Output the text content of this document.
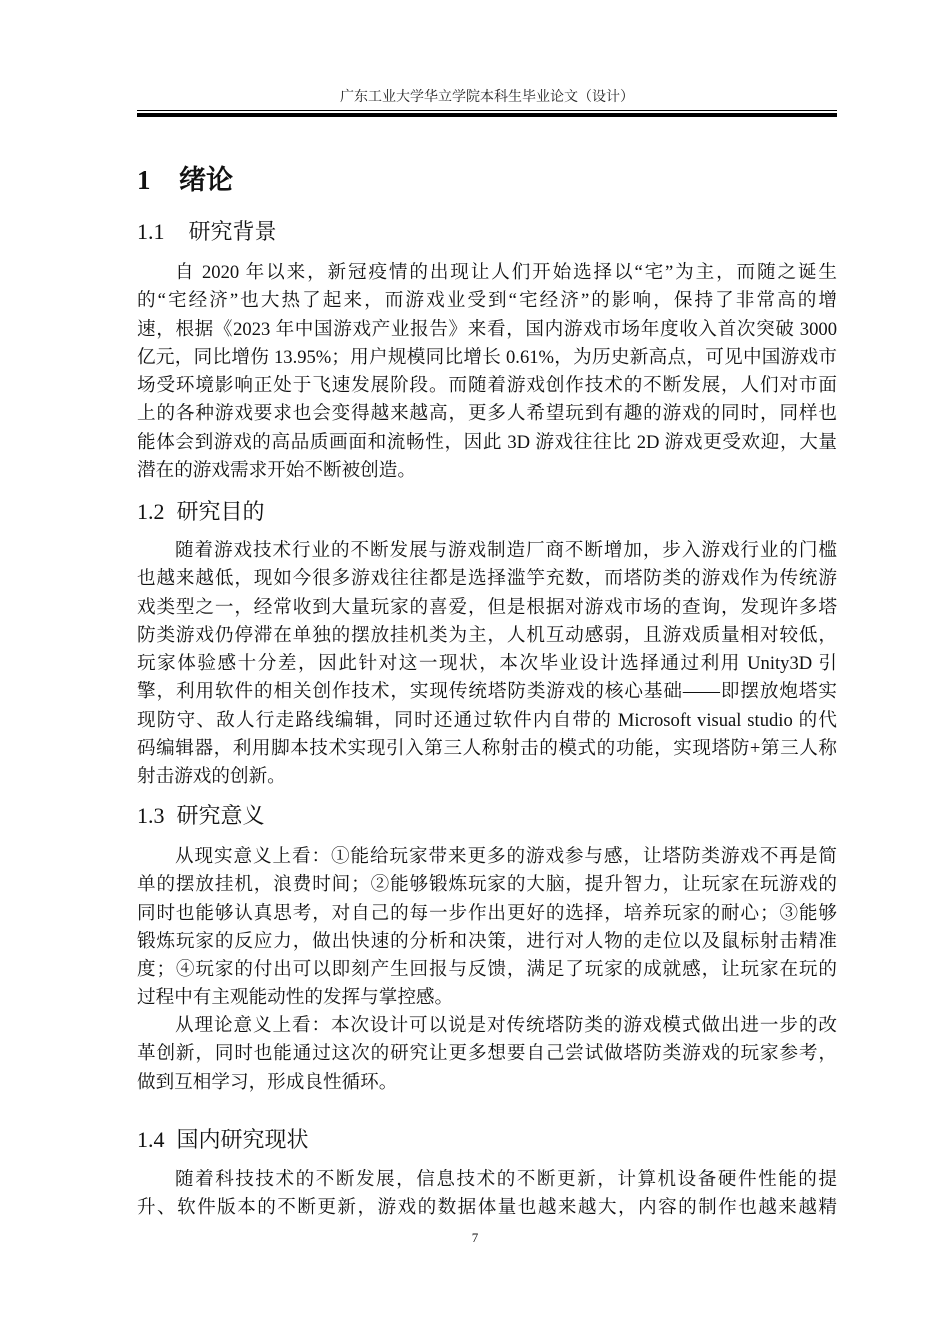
广东工业大学华立学院本科生毕业论文（设计）
1 绪论
1.1 研究背景
自 2020 年以来，新冠疫情的出现让人们开始选择以“宅”为主，而随之诞生
的“宅经济”也大热了起来，而游戏业受到“宅经济”的影响，保持了非常高的增
速，根据《2023 年中国游戏产业报告》来看，国内游戏市场年度收入首次突破 3000
亿元，同比增伤 13.95%；用户规模同比增长 0.61%，为历史新高点，可见中国游戏市
场受环境影响正处于飞速发展阶段。而随着游戏创作技术的不断发展，人们对市面
上的各种游戏要求也会变得越来越高，更多人希望玩到有趣的游戏的同时，同样也
能体会到游戏的高品质画面和流畅性，因此 3D 游戏往往比 2D 游戏更受欢迎，大量
潜在的游戏需求开始不断被创造。
1.2 研究目的
随着游戏技术行业的不断发展与游戏制造厂商不断增加，步入游戏行业的门槛
也越来越低，现如今很多游戏往往都是选择滥竽充数，而塔防类的游戏作为传统游
戏类型之一，经常收到大量玩家的喜爱，但是根据对游戏市场的查询，发现许多塔
防类游戏仍停滞在单独的摆放挂机类为主，人机互动感弱，且游戏质量相对较低，
玩家体验感十分差，因此针对这一现状，本次毕业设计选择通过利用 Unity3D 引
擎，利用软件的相关创作技术，实现传统塔防类游戏的核心基础——即摆放炮塔实
现防守、敌人行走路线编辑，同时还通过软件内自带的 Microsoft visual studio 的代
码编辑器，利用脚本技术实现引入第三人称射击的模式的功能，实现塔防+第三人称
射击游戏的创新。
1.3 研究意义
从现实意义上看：①能给玩家带来更多的游戏参与感，让塔防类游戏不再是简
单的摆放挂机，浪费时间；②能够锻炼玩家的大脑，提升智力，让玩家在玩游戏的
同时也能够认真思考，对自己的每一步作出更好的选择，培养玩家的耐心；③能够
锻炼玩家的反应力，做出快速的分析和决策，进行对人物的走位以及鼠标射击精准
度；④玩家的付出可以即刻产生回报与反馈，满足了玩家的成就感，让玩家在玩的
过程中有主观能动性的发挥与掌控感。
从理论意义上看：本次设计可以说是对传统塔防类的游戏模式做出进一步的改
革创新，同时也能通过这次的研究让更多想要自己尝试做塔防类游戏的玩家参考，
做到互相学习，形成良性循环。
1.4 国内研究现状
随着科技技术的不断发展，信息技术的不断更新，计算机设备硬件性能的提
升、软件版本的不断更新，游戏的数据体量也越来越大，内容的制作也越来越精
7
